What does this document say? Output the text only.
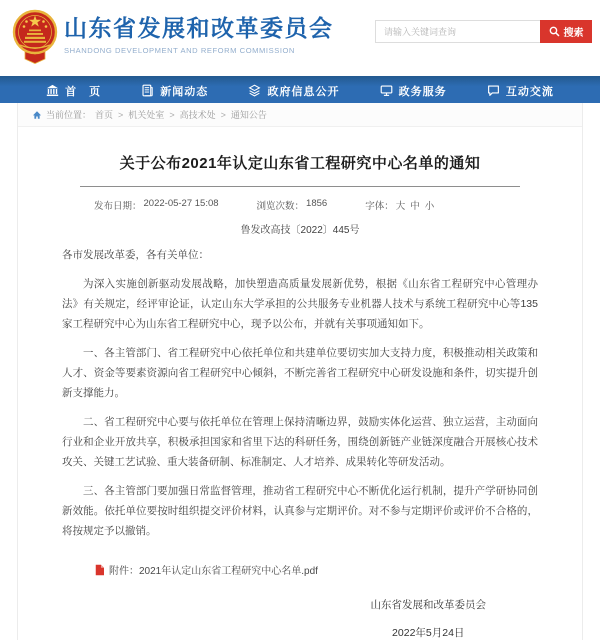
山东省发展和改革委员会
SHANDONG DEVELOPMENT AND REFORM COMMISSION
请输入关键词查询
搜索
首　页	新闻动态	政府信息公开	政务服务	互动交流
当前位置： 首页 > 机关处室 > 高技术处 > 通知公告
关于公布2021年认定山东省工程研究中心名单的通知
发布日期： 2022-05-27 15:08	浏览次数： 1856	字体： 大 中 小
鲁发改高技〔2022〕445号

各市发展改革委，各有关单位：

为深入实施创新驱动发展战略，加快塑造高质量发展新优势，根据《山东省工程研究中心管理办法》有关规定，经评审论证，认定山东大学承担的公共服务专业机器人技术与系统工程研究中心等135家工程研究中心为山东省工程研究中心，现予以公布，并就有关事项通知如下。

一、各主管部门、省工程研究中心依托单位和共建单位要切实加大支持力度，积极推动相关政策和人才、资金等要素资源向省工程研究中心倾斜，不断完善省工程研究中心研发设施和条件，切实提升创新支撑能力。

二、省工程研究中心要与依托单位在管理上保持清晰边界，鼓励实体化运营、独立运营，主动面向行业和企业开放共享，积极承担国家和省里下达的科研任务，围绕创新链产业链深度融合开展核心技术攻关、关键工艺试验、重大装备研制、标准制定、人才培养、成果转化等研发活动。

三、各主管部门要加强日常监督管理，推动省工程研究中心不断优化运行机制，提升产学研协同创新效能。依托单位要按时组织提交评价材料，认真参与定期评价。对不参与定期评价或评价不合格的，将按规定予以撤销。

附件：2021年认定山东省工程研究中心名单.pdf
山东省发展和改革委员会
2022年5月24日
